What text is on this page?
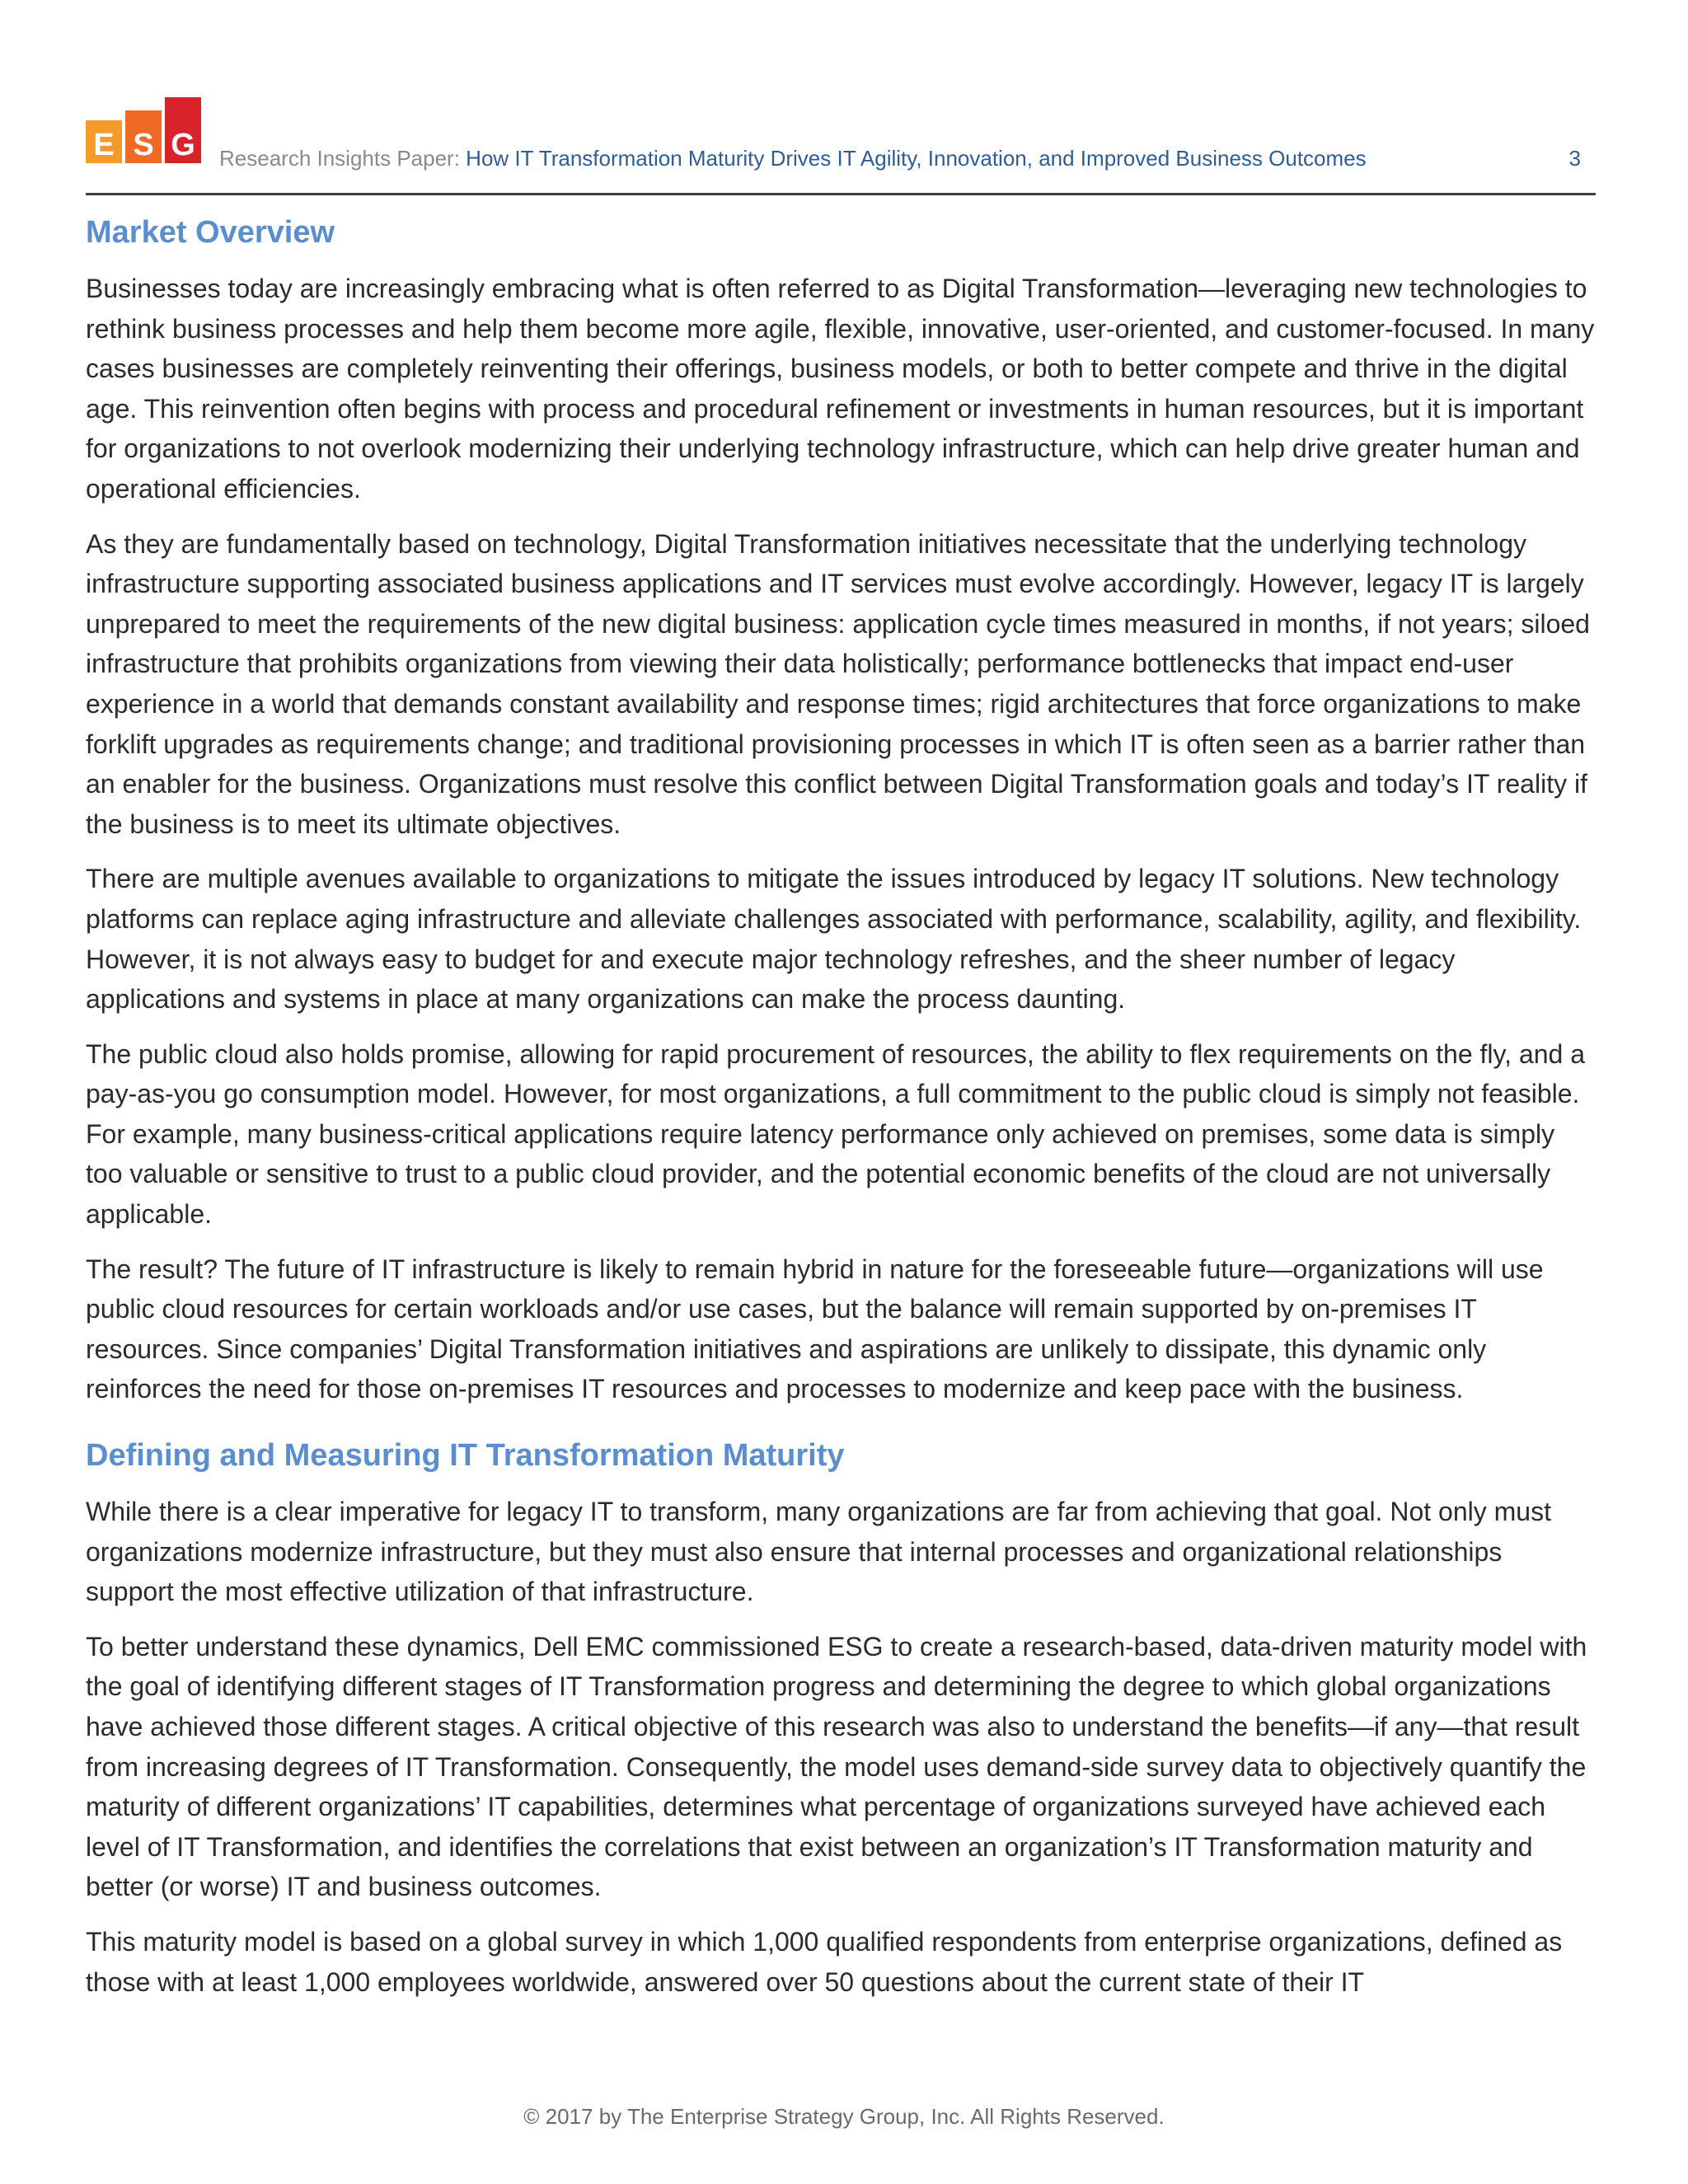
E S G Research Insights Paper: How IT Transformation Maturity Drives IT Agility, Innovation, and Improved Business Outcomes	3
Market Overview

Businesses today are increasingly embracing what is often referred to as Digital Transformation—leveraging new technologies to rethink business processes and help them become more agile, flexible, innovative, user-oriented, and customer-focused. In many cases businesses are completely reinventing their offerings, business models, or both to better compete and thrive in the digital age. This reinvention often begins with process and procedural refinement or investments in human resources, but it is important for organizations to not overlook modernizing their underlying technology infrastructure, which can help drive greater human and operational efficiencies.

As they are fundamentally based on technology, Digital Transformation initiatives necessitate that the underlying technology infrastructure supporting associated business applications and IT services must evolve accordingly. However, legacy IT is largely unprepared to meet the requirements of the new digital business: application cycle times measured in months, if not years; siloed infrastructure that prohibits organizations from viewing their data holistically; performance bottlenecks that impact end-user experience in a world that demands constant availability and response times; rigid architectures that force organizations to make forklift upgrades as requirements change; and traditional provisioning processes in which IT is often seen as a barrier rather than an enabler for the business. Organizations must resolve this conflict between Digital Transformation goals and today’s IT reality if the business is to meet its ultimate objectives.

There are multiple avenues available to organizations to mitigate the issues introduced by legacy IT solutions. New technology platforms can replace aging infrastructure and alleviate challenges associated with performance, scalability, agility, and flexibility. However, it is not always easy to budget for and execute major technology refreshes, and the sheer number of legacy applications and systems in place at many organizations can make the process daunting.

The public cloud also holds promise, allowing for rapid procurement of resources, the ability to flex requirements on the fly, and a pay-as-you go consumption model. However, for most organizations, a full commitment to the public cloud is simply not feasible. For example, many business-critical applications require latency performance only achieved on premises, some data is simply too valuable or sensitive to trust to a public cloud provider, and the potential economic benefits of the cloud are not universally applicable.

The result? The future of IT infrastructure is likely to remain hybrid in nature for the foreseeable future—organizations will use public cloud resources for certain workloads and/or use cases, but the balance will remain supported by on-premises IT resources. Since companies’ Digital Transformation initiatives and aspirations are unlikely to dissipate, this dynamic only reinforces the need for those on-premises IT resources and processes to modernize and keep pace with the business.

Defining and Measuring IT Transformation Maturity

While there is a clear imperative for legacy IT to transform, many organizations are far from achieving that goal. Not only must organizations modernize infrastructure, but they must also ensure that internal processes and organizational relationships support the most effective utilization of that infrastructure.

To better understand these dynamics, Dell EMC commissioned ESG to create a research-based, data-driven maturity model with the goal of identifying different stages of IT Transformation progress and determining the degree to which global organizations have achieved those different stages. A critical objective of this research was also to understand the benefits—if any—that result from increasing degrees of IT Transformation. Consequently, the model uses demand-side survey data to objectively quantify the maturity of different organizations’ IT capabilities, determines what percentage of organizations surveyed have achieved each level of IT Transformation, and identifies the correlations that exist between an organization’s IT Transformation maturity and better (or worse) IT and business outcomes.

This maturity model is based on a global survey in which 1,000 qualified respondents from enterprise organizations, defined as those with at least 1,000 employees worldwide, answered over 50 questions about the current state of their IT

© 2017 by The Enterprise Strategy Group, Inc. All Rights Reserved.
